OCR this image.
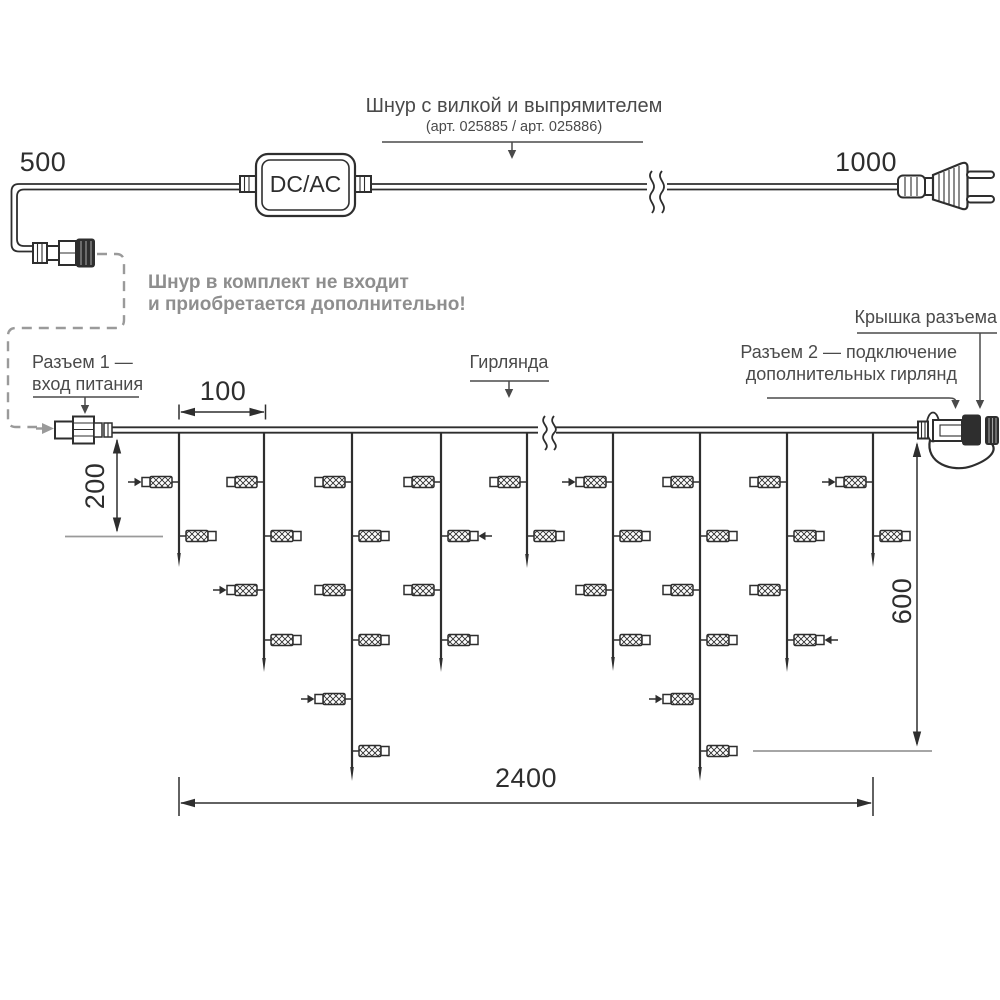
500	1000
DC/AC
Шнур с вилкой и выпрямителем
(арт. 025885 / арт. 025886)
Шнур в комплект не входит
и приобретается дополнительно!
Разъем 1 —
вход питания	100
Гирлянда
Крышка разъема
Разъем 2 — подключение
дополнительных гирлянд
200
600
2400
